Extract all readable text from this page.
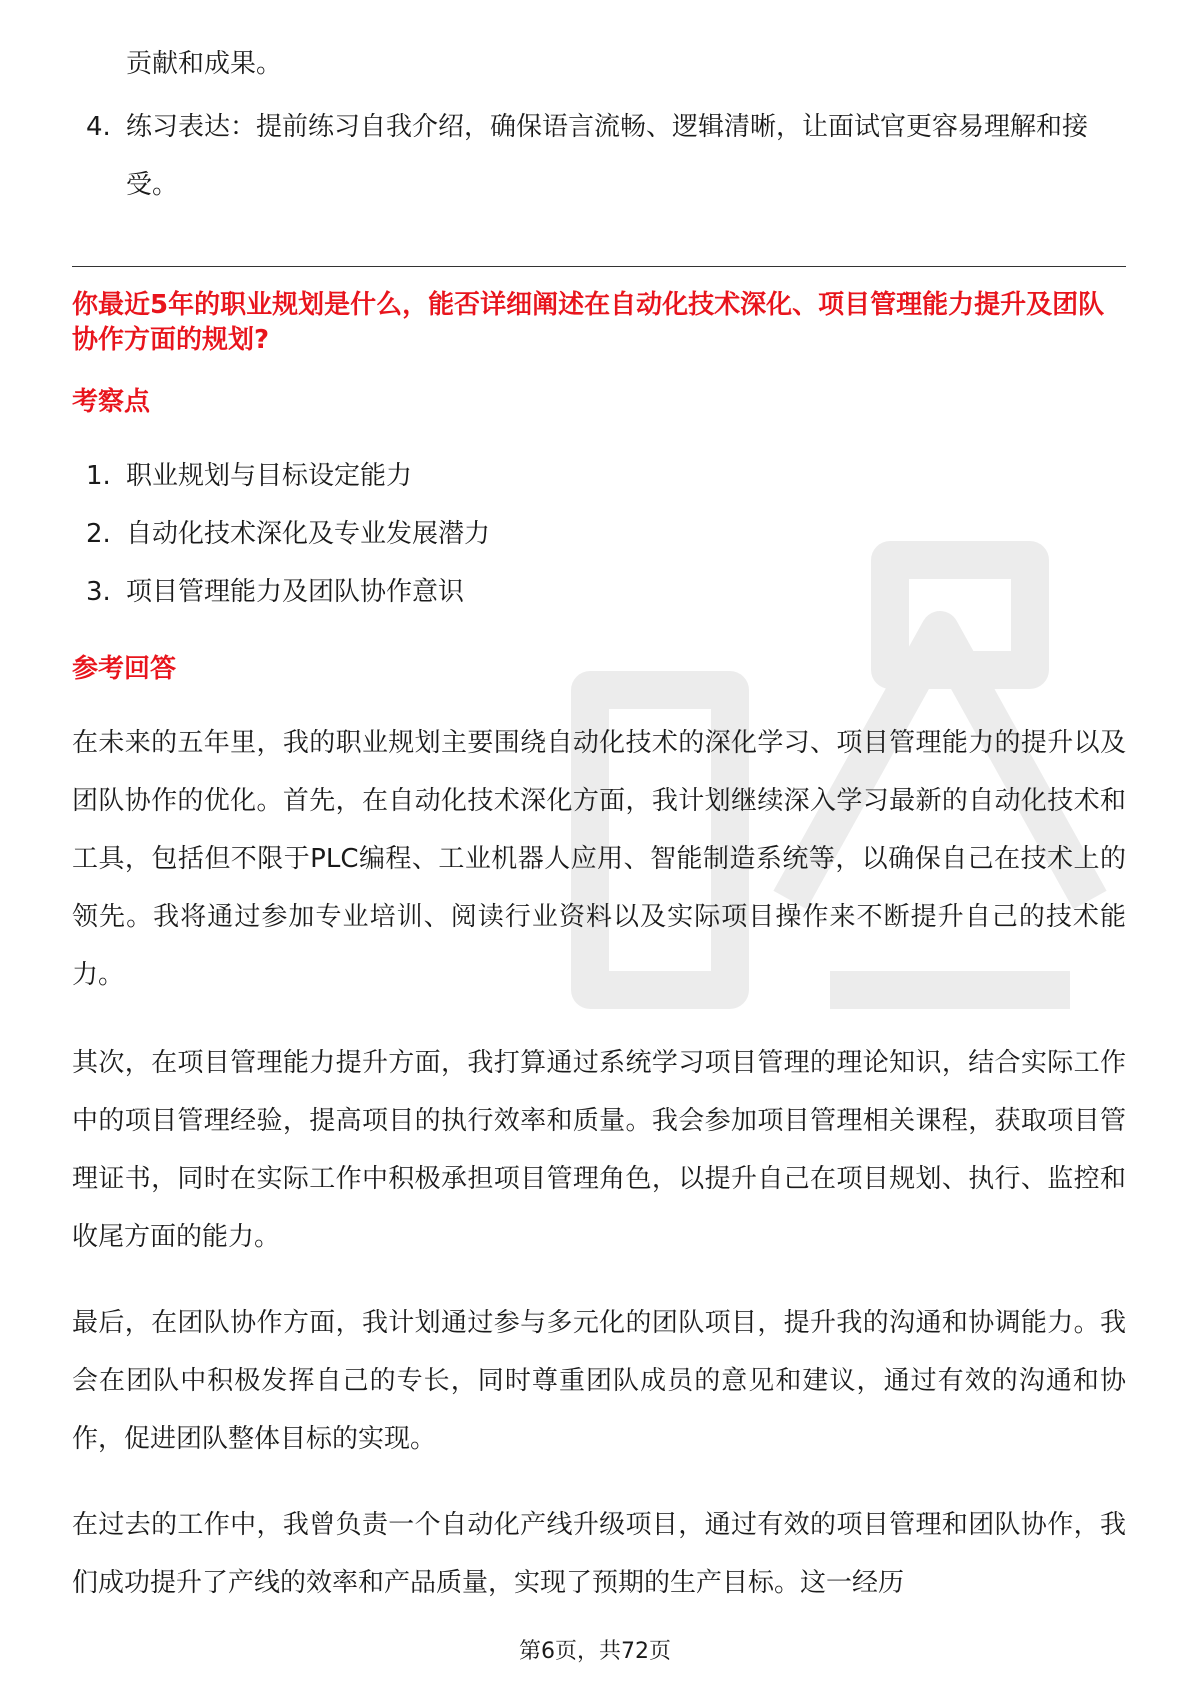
贡献和成果。
4. 练习表达：提前练习自我介绍，确保语言流畅、逻辑清晰，让面试官更容易理解和接受。
你最近5年的职业规划是什么，能否详细阐述在自动化技术深化、项目管理能力提升及团队协作方面的规划?
考察点
1. 职业规划与目标设定能力
2. 自动化技术深化及专业发展潜力
3. 项目管理能力及团队协作意识
参考回答

在未来的五年里，我的职业规划主要围绕自动化技术的深化学习、项目管理能力的提升以及团队协作的优化。首先，在自动化技术深化方面，我计划继续深入学习最新的自动化技术和工具，包括但不限于PLC编程、工业机器人应用、智能制造系统等，以确保自己在技术上的领先。我将通过参加专业培训、阅读行业资料以及实际项目操作来不断提升自己的技术能力。

其次，在项目管理能力提升方面，我打算通过系统学习项目管理的理论知识，结合实际工作中的项目管理经验，提高项目的执行效率和质量。我会参加项目管理相关课程，获取项目管理证书，同时在实际工作中积极承担项目管理角色，以提升自己在项目规划、执行、监控和收尾方面的能力。

最后，在团队协作方面，我计划通过参与多元化的团队项目，提升我的沟通和协调能力。我会在团队中积极发挥自己的专长，同时尊重团队成员的意见和建议，通过有效的沟通和协作，促进团队整体目标的实现。

在过去的工作中，我曾负责一个自动化产线升级项目，通过有效的项目管理和团队协作，我们成功提升了产线的效率和产品质量，实现了预期的生产目标。这一经历

第6页，共72页
